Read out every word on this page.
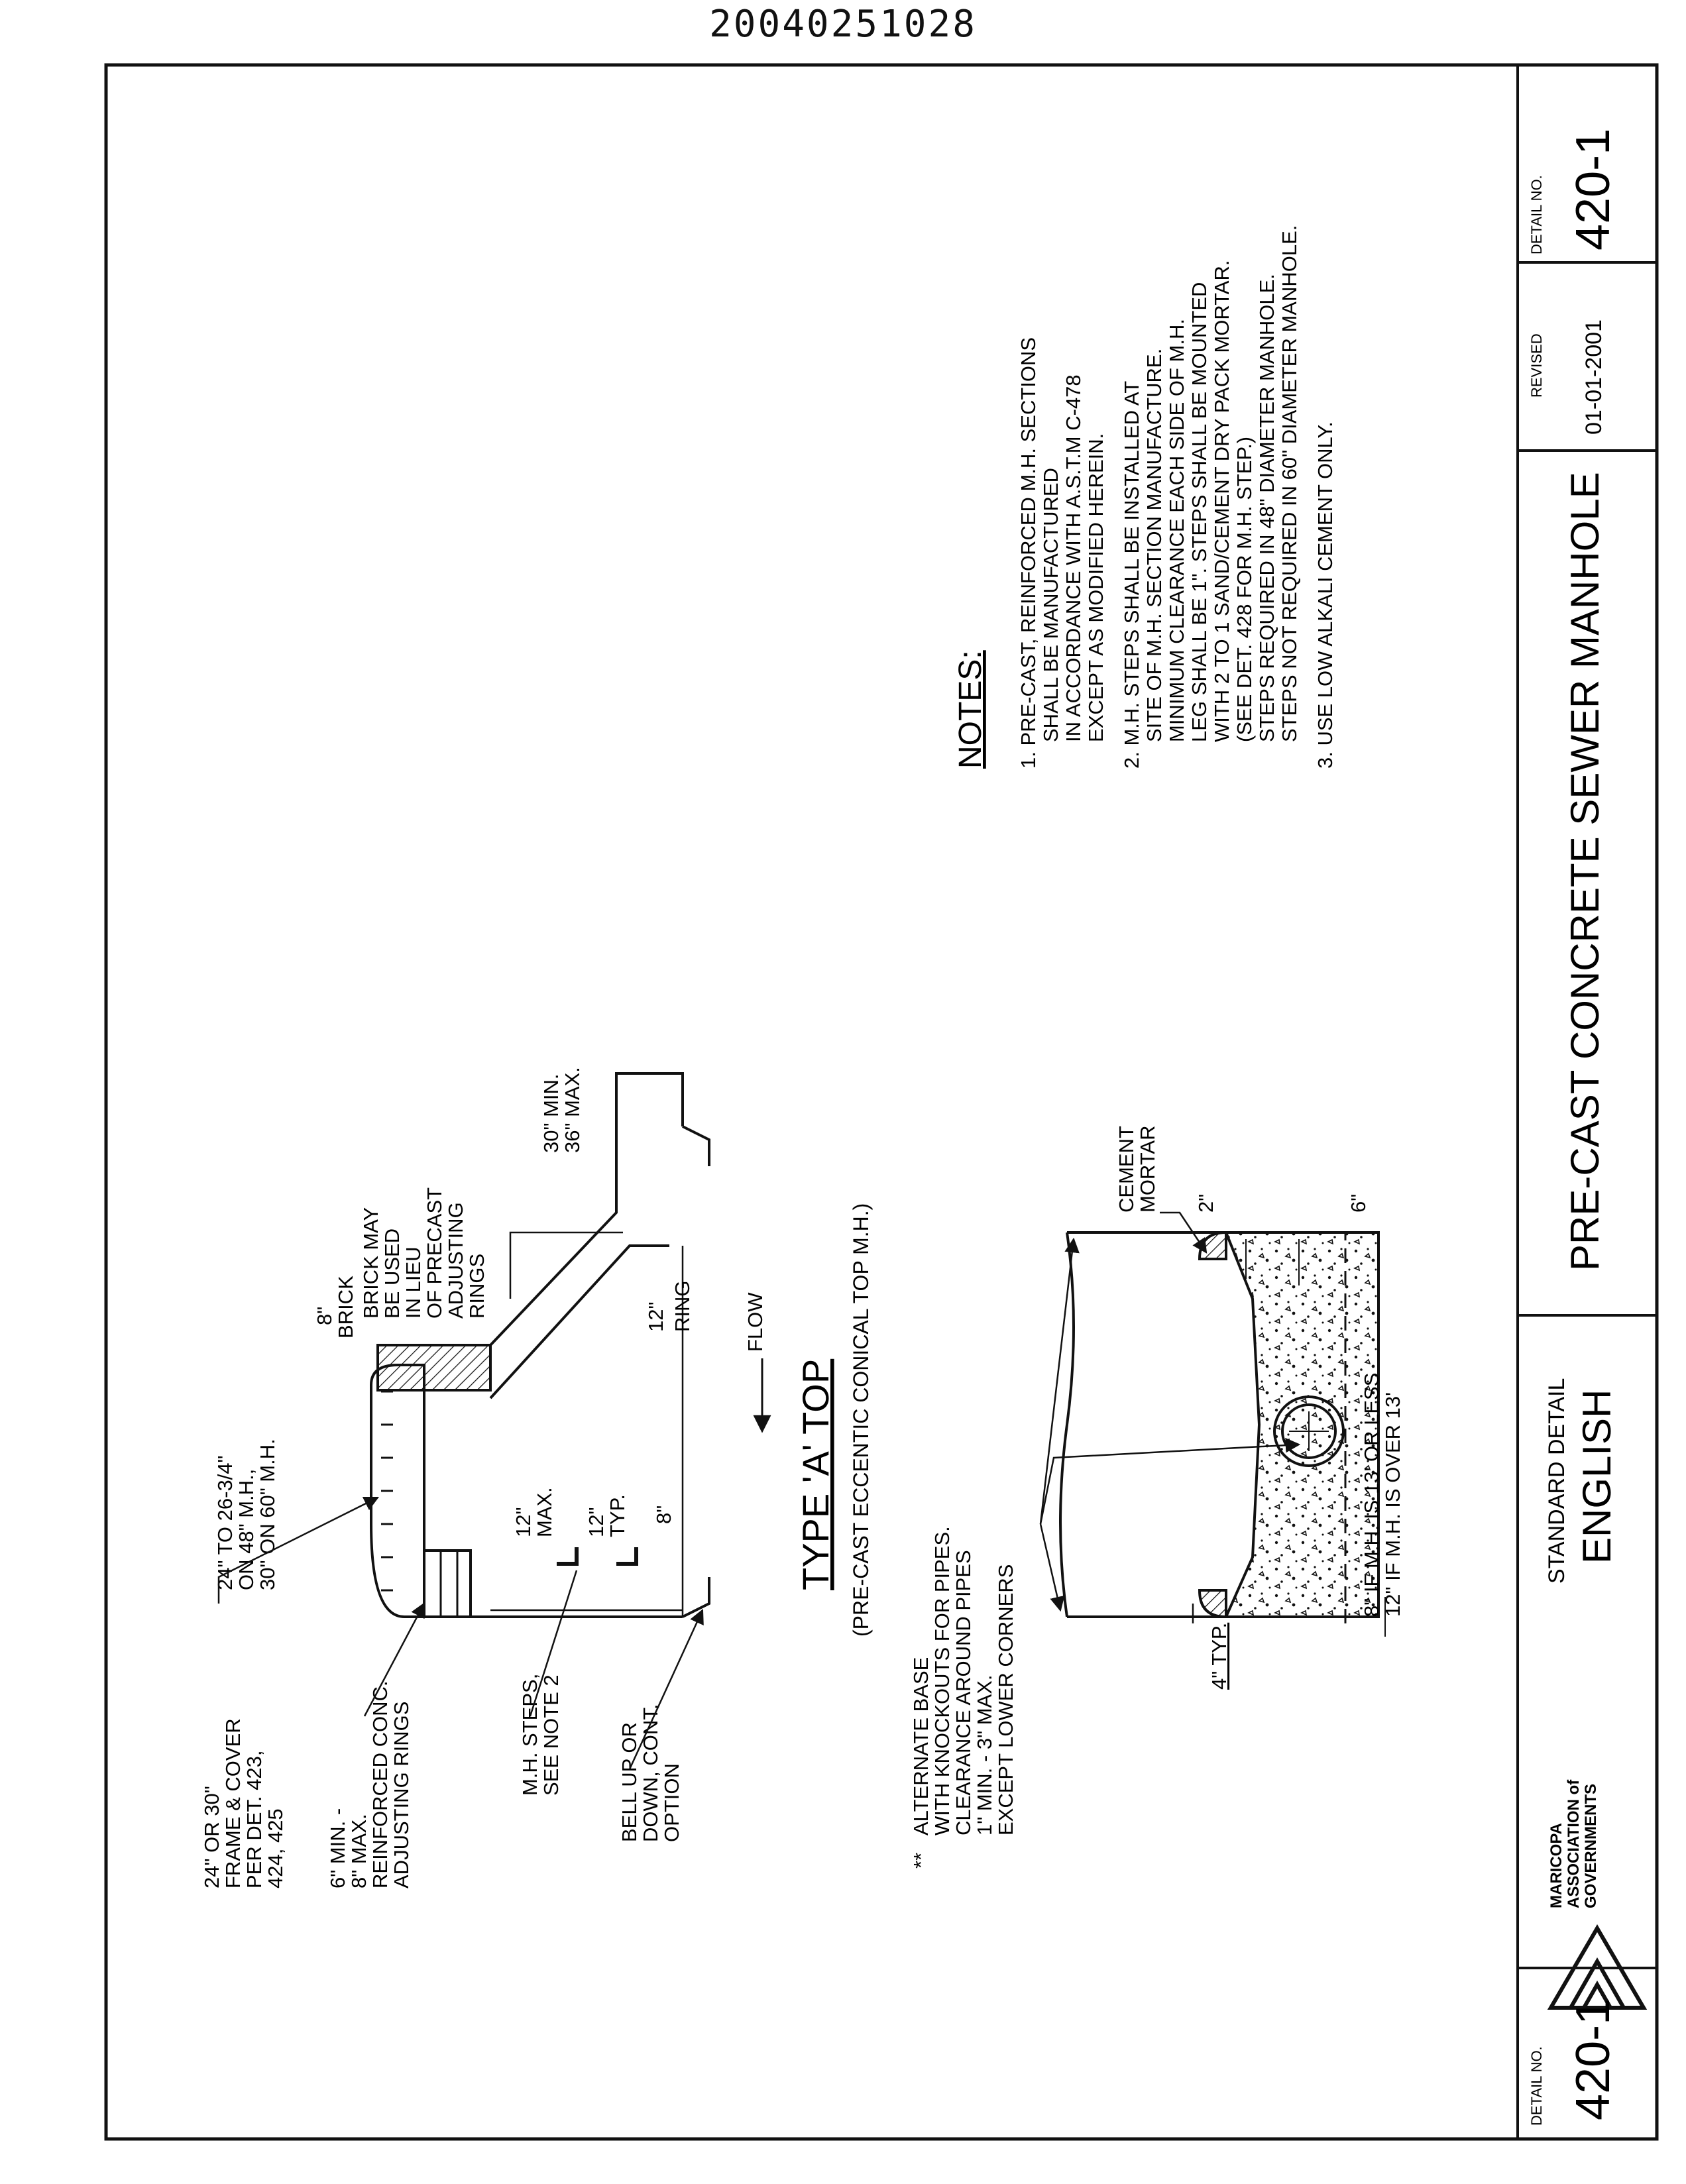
20040251028
DETAIL NO. 420-1
REVISED 01-01-2001
PRE-CAST CONCRETE SEWER MANHOLE
STANDARD DETAIL ENGLISH
MARICOPA ASSOCIATION of GOVERNMENTS
DETAIL NO. 420-1
NOTES: 1. PRE-CAST, REINFORCED M.H. SECTIONS SHALL BE MANUFACTURED IN ACCORDANCE WITH A.S.T.M C-478 EXCEPT AS MODIFIED HEREIN. 2. M.H. STEPS SHALL BE INSTALLED AT SITE OF M.H. SECTION MANUFACTURE. MINIMUM CLEARANCE EACH SIDE OF M.H. LEG SHALL BE 1". STEPS SHALL BE MOUNTED WITH 2 TO 1 SAND/CEMENT DRY PACK MORTAR. (SEE DET. 428 FOR M.H. STEP.) STEPS REQUIRED IN 48" DIAMETER MANHOLE. STEPS NOT REQUIRED IN 60" DIAMETER MANHOLE. 3. USE LOW ALKALI CEMENT ONLY.
TYPE 'A' TOP (PRE-CAST ECCENTIC CONICAL TOP M.H.)
24" OR 30" FRAME & COVER PER DET. 423, 424, 425 6" MIN. - 8" MAX. REINFORCED CONC. ADJUSTING RINGS	M.H. STEPS, SEE NOTE 2	BELL UP OR DOWN, CONT. OPTION
24" TO 26-3/4" ON 48" M.H., 30" ON 60" M.H.
8"
BRICK BRICK MAY BE USED IN LIEU OF PRECAST ADJUSTING RINGS
30" MIN. 36" MAX.
12" RING FLOW
12" MAX. 12" TYP. 8"
** ALTERNATE BASE WITH KNOCKOUTS FOR PIPES. CLEARANCE AROUND PIPES 1" MIN. - 3" MAX. EXCEPT LOWER CORNERS
CEMENT MORTAR 2"	6"
4" TYP.
8" IF M.H. IS 13' OR LESS 12" IF M.H. IS OVER 13'
